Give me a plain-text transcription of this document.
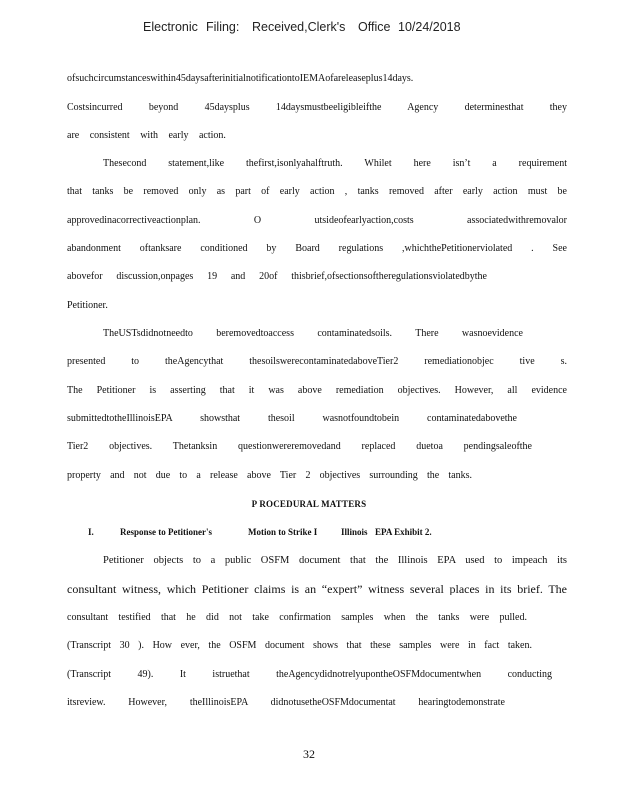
Electronic Filing: Received,Clerk's Office 10/24/2018
ofsuchcircumstanceswithin45daysafterinitialnotificationtoIEMAofareleaseplus14days.
Costsincurred beyond 45daysplus 14daysmustbeeligibleifthe Agency determinesthat they
are consistent with early action.
Thesecond statement,like thefirst,isonlyahalftruth. Whilet here isn’t a requirement
that tanks be removed only as part of early action , tanks removed after early action must be
approvedinacorrectiveactionplan. O utsideofearlyaction,costs associatedwithremovalor
abandonment oftanksare conditioned by Board regulations ,whichthePetitionerviolated . See
abovefor discussion,onpages 19 and 20of thisbrief,ofsectionsoftheregulationsviolatedbythe
Petitioner.
TheUSTsdidnotneedto beremovedtoaccess contaminatedsoils. There wasnoevidence
presented to theAgencythat thesoilswerecontaminatedaboveTier2 remediationobjec tive s.
The Petitioner is asserting that it was above remediation objectives. However, all evidence
submittedtotheIllinoisEPA showsthat thesoil wasnotfoundtobein contaminatedabovethe
Tier2 objectives. Thetanksin questionwereremovedand replaced duetoa pendingsaleofthe
property and not due to a release above Tier 2 objectives surrounding the tanks.
P ROCEDURAL MATTERS
I.	Response to Petitioner's	Motion to Strike I	Illinois EPA Exhibit 2.
Petitioner objects to a public OSFM document that the Illinois EPA used to impeach its
consultant witness, which Petitioner claims is an “expert” witness several places in its brief. The
consultant testified that he did not take confirmation samples when the tanks were pulled.
(Transcript 30 ). How ever, the OSFM document shows that these samples were in fact taken.
(Transcript 49). It istruethat theAgencydidnotrelyupontheOSFMdocumentwhen conducting
itsreview. However, theIllinoisEPA didnotusetheOSFMdocumentat hearingtodemonstrate
32
